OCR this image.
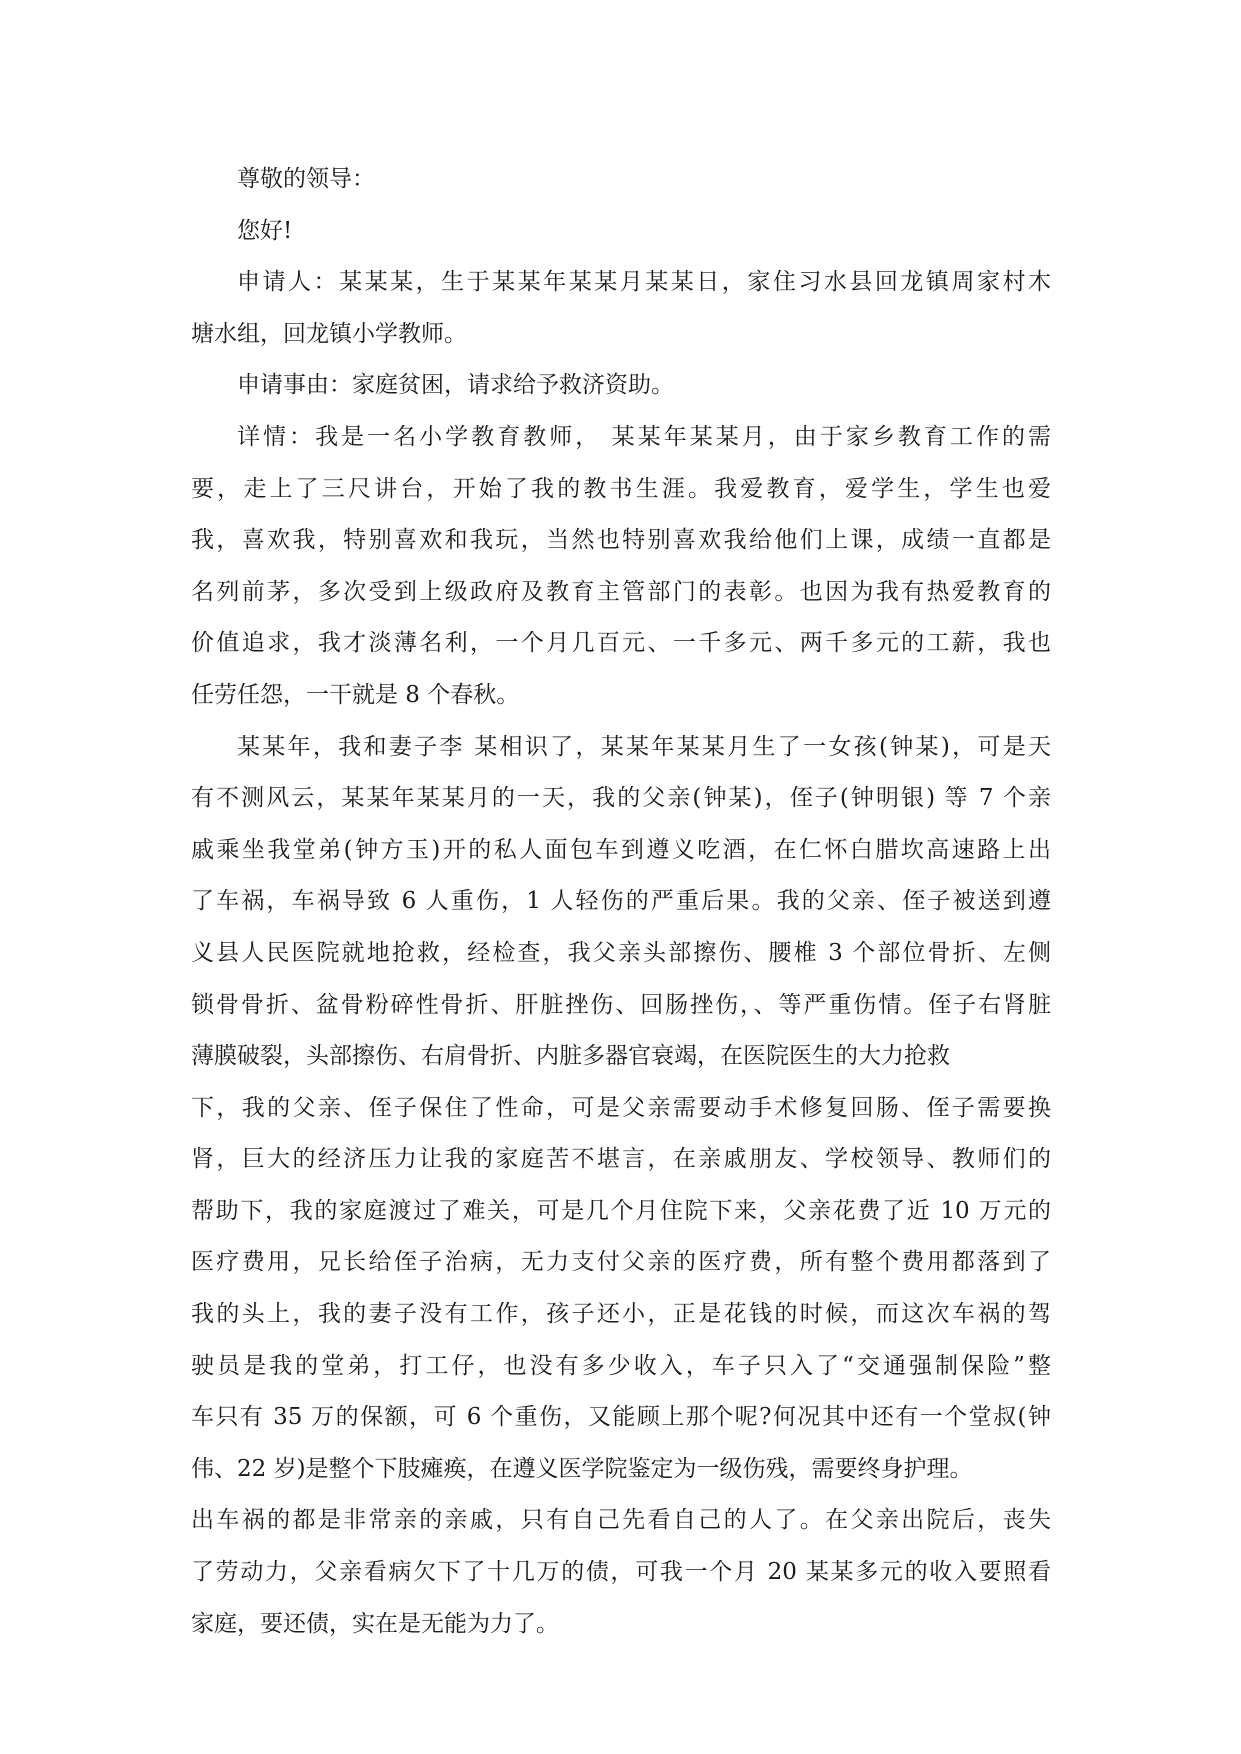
尊敬的领导：
您好!
申请人：某某某，生于某某年某某月某某日，家住习水县回龙镇周家村木
塘水组，回龙镇小学教师。
申请事由：家庭贫困，请求给予救济资助。
详情：我是一名小学教育教师， 某某年某某月，由于家乡教育工作的需
要，走上了三尺讲台，开始了我的教书生涯。我爱教育，爱学生，学生也爱
我，喜欢我，特别喜欢和我玩，当然也特别喜欢我给他们上课，成绩一直都是
名列前茅，多次受到上级政府及教育主管部门的表彰。也因为我有热爱教育的
价值追求，我才淡薄名利，一个月几百元、一千多元、两千多元的工薪，我也
任劳任怨，一干就是 8 个春秋。
某某年，我和妻子李 某相识了，某某年某某月生了一女孩(钟某)，可是天
有不测风云，某某年某某月的一天，我的父亲(钟某)，侄子(钟明银) 等 7 个亲
戚乘坐我堂弟(钟方玉)开的私人面包车到遵义吃酒，在仁怀白腊坎高速路上出
了车祸，车祸导致 6 人重伤，1 人轻伤的严重后果。我的父亲、侄子被送到遵
义县人民医院就地抢救，经检查，我父亲头部擦伤、腰椎 3 个部位骨折、左侧
锁骨骨折、盆骨粉碎性骨折、肝脏挫伤、回肠挫伤，、等严重伤情。侄子右肾脏
薄膜破裂，头部擦伤、右肩骨折、内脏多器官衰竭，在医院医生的大力抢救
下，我的父亲、侄子保住了性命，可是父亲需要动手术修复回肠、侄子需要换
肾，巨大的经济压力让我的家庭苦不堪言，在亲戚朋友、学校领导、教师们的
帮助下，我的家庭渡过了难关，可是几个月住院下来，父亲花费了近 10 万元的
医疗费用，兄长给侄子治病，无力支付父亲的医疗费，所有整个费用都落到了
我的头上，我的妻子没有工作，孩子还小，正是花钱的时候，而这次车祸的驾
驶员是我的堂弟，打工仔，也没有多少收入，车子只入了“交通强制保险”整
车只有 35 万的保额，可 6 个重伤，又能顾上那个呢?何况其中还有一个堂叔(钟
伟、22 岁)是整个下肢瘫痪，在遵义医学院鉴定为一级伤残，需要终身护理。
出车祸的都是非常亲的亲戚，只有自己先看自己的人了。在父亲出院后，丧失
了劳动力，父亲看病欠下了十几万的债，可我一个月 20 某某多元的收入要照看
家庭，要还债，实在是无能为力了。
